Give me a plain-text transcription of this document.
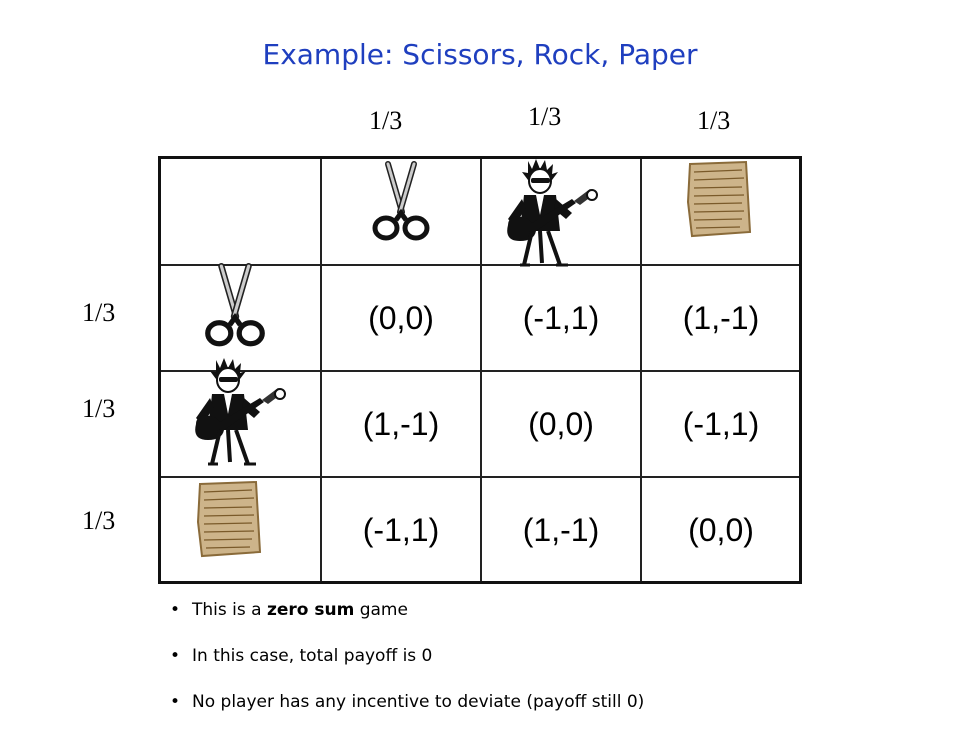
Example: Scissors, Rock, Paper
1/3	1/3	1/3
1/3
1/3
1/3
(0,0)	(-1,1)	(1,-1)
(1,-1)	(0,0)	(-1,1)
(-1,1)	(1,-1)	(0,0)
• This is a zero sum game
• In this case, total payoff is 0
• No player has any incentive to deviate (payoff still 0)
